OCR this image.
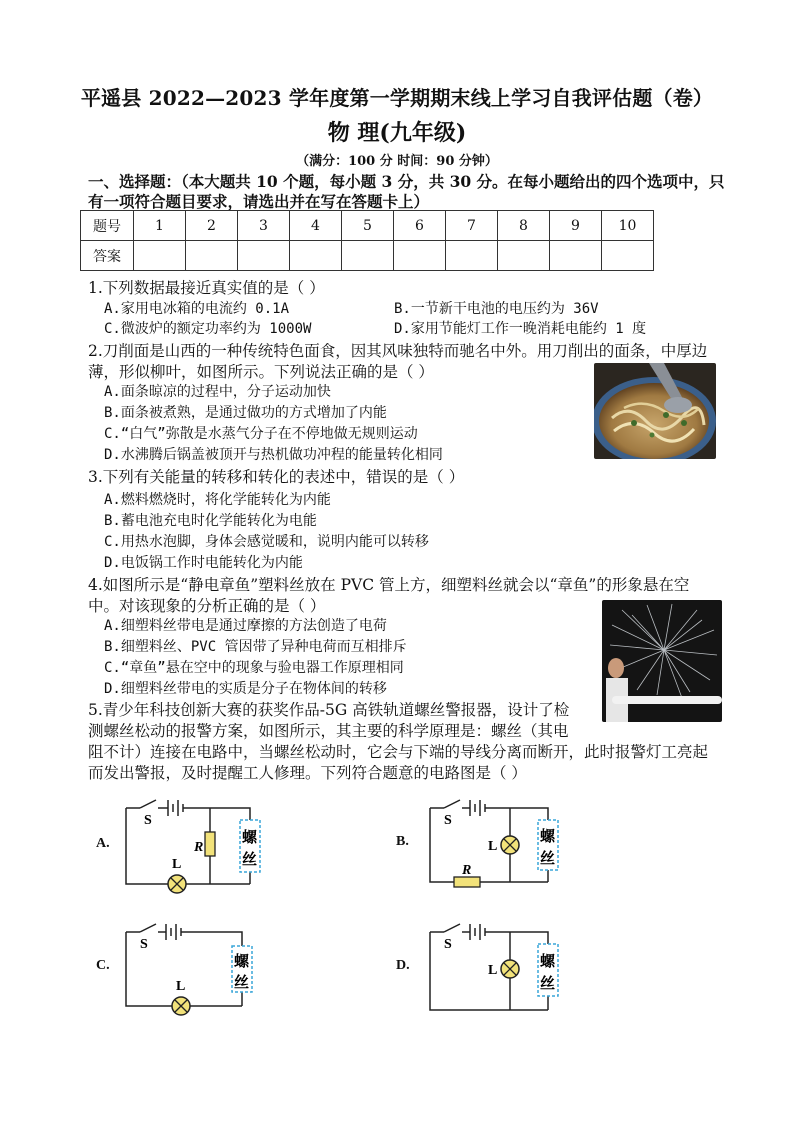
平遥县 2022—2023 学年度第一学期期末线上学习自我评估题（卷）
物 理(九年级)
（满分：100 分 时间：90 分钟）
一、选择题：（本大题共 10 个题，每小题 3 分，共 30 分。在每小题给出的四个选项中，只
有一项符合题目要求，请选出并在写在答题卡上）
题号	1	2	3	4	5	6	7	8	9	10
答案										
1.下列数据最接近真实值的是（ ）
A.家用电冰箱的电流约 0.1A	B.一节新干电池的电压约为 36V
C.微波炉的额定功率约为 1000W	D.家用节能灯工作一晚消耗电能约 1 度
2.刀削面是山西的一种传统特色面食，因其风味独特而驰名中外。用刀削出的面条，中厚边
薄，形似柳叶，如图所示。下列说法正确的是（ ）
A.面条晾凉的过程中，分子运动加快
B.面条被煮熟，是通过做功的方式增加了内能
C.“白气”弥散是水蒸气分子在不停地做无规则运动
D.水沸腾后锅盖被顶开与热机做功冲程的能量转化相同
3.下列有关能量的转移和转化的表述中，错误的是（ ）
A.燃料燃烧时，将化学能转化为内能
B.蓄电池充电时化学能转化为电能
C.用热水泡脚，身体会感觉暖和，说明内能可以转移
D.电饭锅工作时电能转化为内能
4.如图所示是“静电章鱼”塑料丝放在 PVC 管上方，细塑料丝就会以“章鱼”的形象悬在空
中。对该现象的分析正确的是（ ）
A.细塑料丝带电是通过摩擦的方法创造了电荷
B.细塑料丝、PVC 管因带了异种电荷而互相排斥
C.“章鱼”悬在空中的现象与验电器工作原理相同
D.细塑料丝带电的实质是分子在物体间的转移
5.青少年科技创新大赛的获奖作品-5G 高铁轨道螺丝警报器，设计了检
测螺丝松动的报警方案，如图所示，其主要的科学原理是：螺丝（其电
阻不计）连接在电路中，当螺丝松动时，它会与下端的导线分离而断开，此时报警灯工亮起
而发出警报，及时提醒工人修理。下列符合题意的电路图是（ ）
A.
S
L
R
螺
丝
B.
S
L
R
螺
丝
C.
S
L
螺
丝
D.
S
L
螺
丝
